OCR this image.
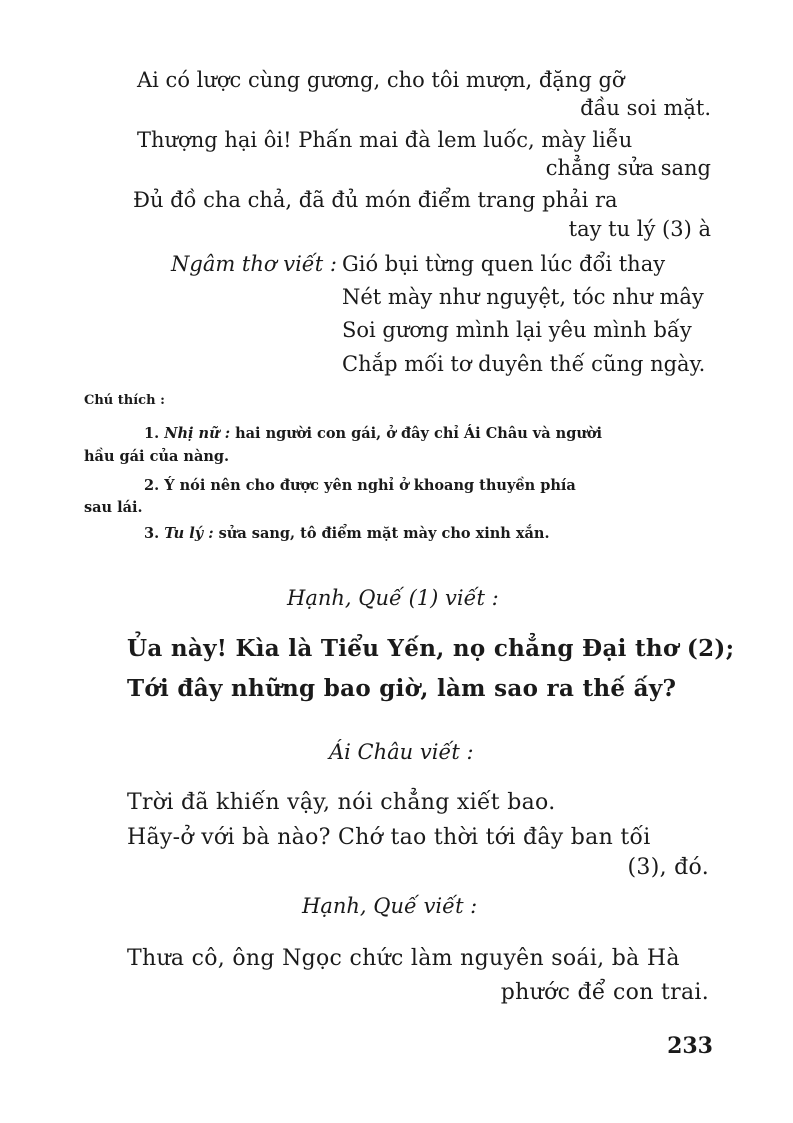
Ai có lược cùng gương, cho tôi mượn, đặng gỡ
đầu soi mặt.
Thượng hại ôi! Phấn mai đà lem luốc, mày liễu
chẳng sửa sang
Đủ đồ cha chả, đã đủ món điểm trang phải ra
tay tu lý (3) à
Ngâm thơ viết : Gió bụi từng quen lúc đổi thay
Nét mày như nguyệt, tóc như mây
Soi gương mình lại yêu mình bấy
Chắp mối tơ duyên thế cũng ngày.
Chú thích :
1. Nhị nữ : hai người con gái, ở đây chỉ Ái Châu và người
hầu gái của nàng.
2. Ý nói nên cho được yên nghỉ ở khoang thuyền phía
sau lái.
3. Tu lý : sửa sang, tô điểm mặt mày cho xinh xắn.
Hạnh, Quế (1) viết :
Ủa này! Kìa là Tiểu Yến, nọ chẳng Đại thơ (2);
Tới đây những bao giờ, làm sao ra thế ấy?
Ái Châu viết :
Trời đã khiến vậy, nói chẳng xiết bao.
Hãy-ở với bà nào? Chớ tao thời tới đây ban tối
(3), đó.
Hạnh, Quế viết :
Thưa cô, ông Ngọc chức làm nguyên soái, bà Hà
phước để con trai.
233
